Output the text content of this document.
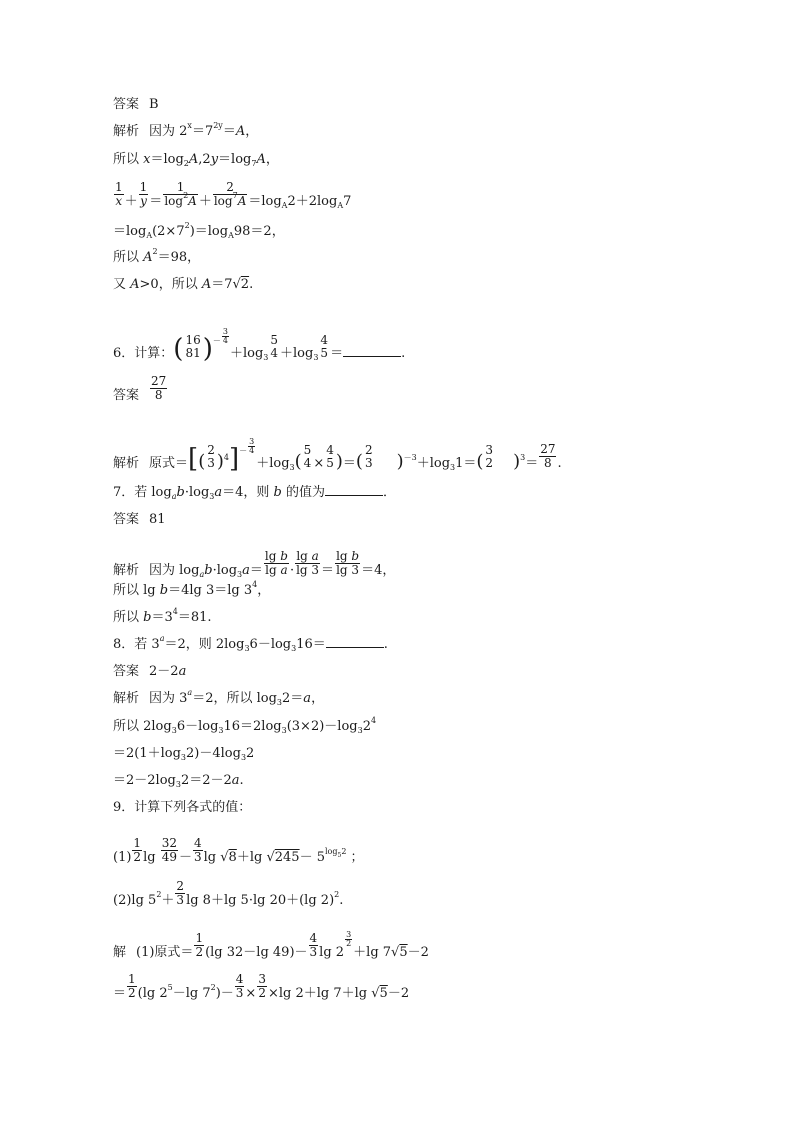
答案 B
解析 因为 $2^x=7^{2y}=A$，
所以 $x=\log_2A,2y=\log_7A$，
$\frac{1}{x} + \frac{1}{y} = \frac{1}{\log^2A} + \frac{2}{\log^7A} =\log_A2+2\log_A7$
$=\log_A(2\times 7^2)=\log_A98=2$，
所以 $A^2=98$，
又 A>0，所以 A＝7√2.
6．计算：( 16
81 )$^{- \frac{3}{4}}$
$+\log_3$
5
$4 +\log_3$
4
5 ＝	.
答案 $\frac{27}{8}$
解析 原式＝[(
2
3 )$^4$]$^{- \frac{3}{4}}$
$+\log_3$(
5
4 ×
4
5 )＝(
2
3 )$^{-3}+\log_31=$(
3
2 )$^3= \frac{27}{8}$ .
7．若 $\log_ab\cdot\log_3a=4$，则 b 的值为	．
答案 81
解析 因为 $\log_ab\cdot\log_3a= \frac{\text{lg b}}{\text{lg a}} \cdot \frac{\text{lg a}}{\lg 3} = \frac{\text{lg b}}{\lg 3} =4$，
所以 lg b＝4lg 3＝lg $3^4$，
所以 $b=3^4=81$.
8．若 $3^a=2$，则 $2\log_36-\log_316=$	.
答案 2－2a
解析 因为 $3^a=2$，所以 $\log_32=a$，
所以 $2\log_36-\log_316=2\log_3(3\times 2)-\log_32^4$
$=2(1+\log_32)-4\log_32$
$=2-2\log_32=2-2a$.
9．计算下列各式的值：
$(1) \frac{1}{2}$ $\lg \frac{32}{49} - \frac{4}{3}$ lg √8＋lg $√245- 5^{log_52}$ ；
(2)lg $5^2+ \frac{2}{3}$ lg 8＋lg 5·lg 20＋(lg 2)$^2$.
解 (1)原式＝ $\frac{1}{2} (\lg$ 32－lg $49)- \frac{4}{3}$ lg 2
$^{\frac{3}{2}}$
＋lg 7√5－2
＝ $\frac{1}{2} (\lg$ $2^5-\lg$ $7^2)- \frac{4}{3} \times \frac{3}{2} \times\lg$ 2＋lg 7＋lg √5－2
